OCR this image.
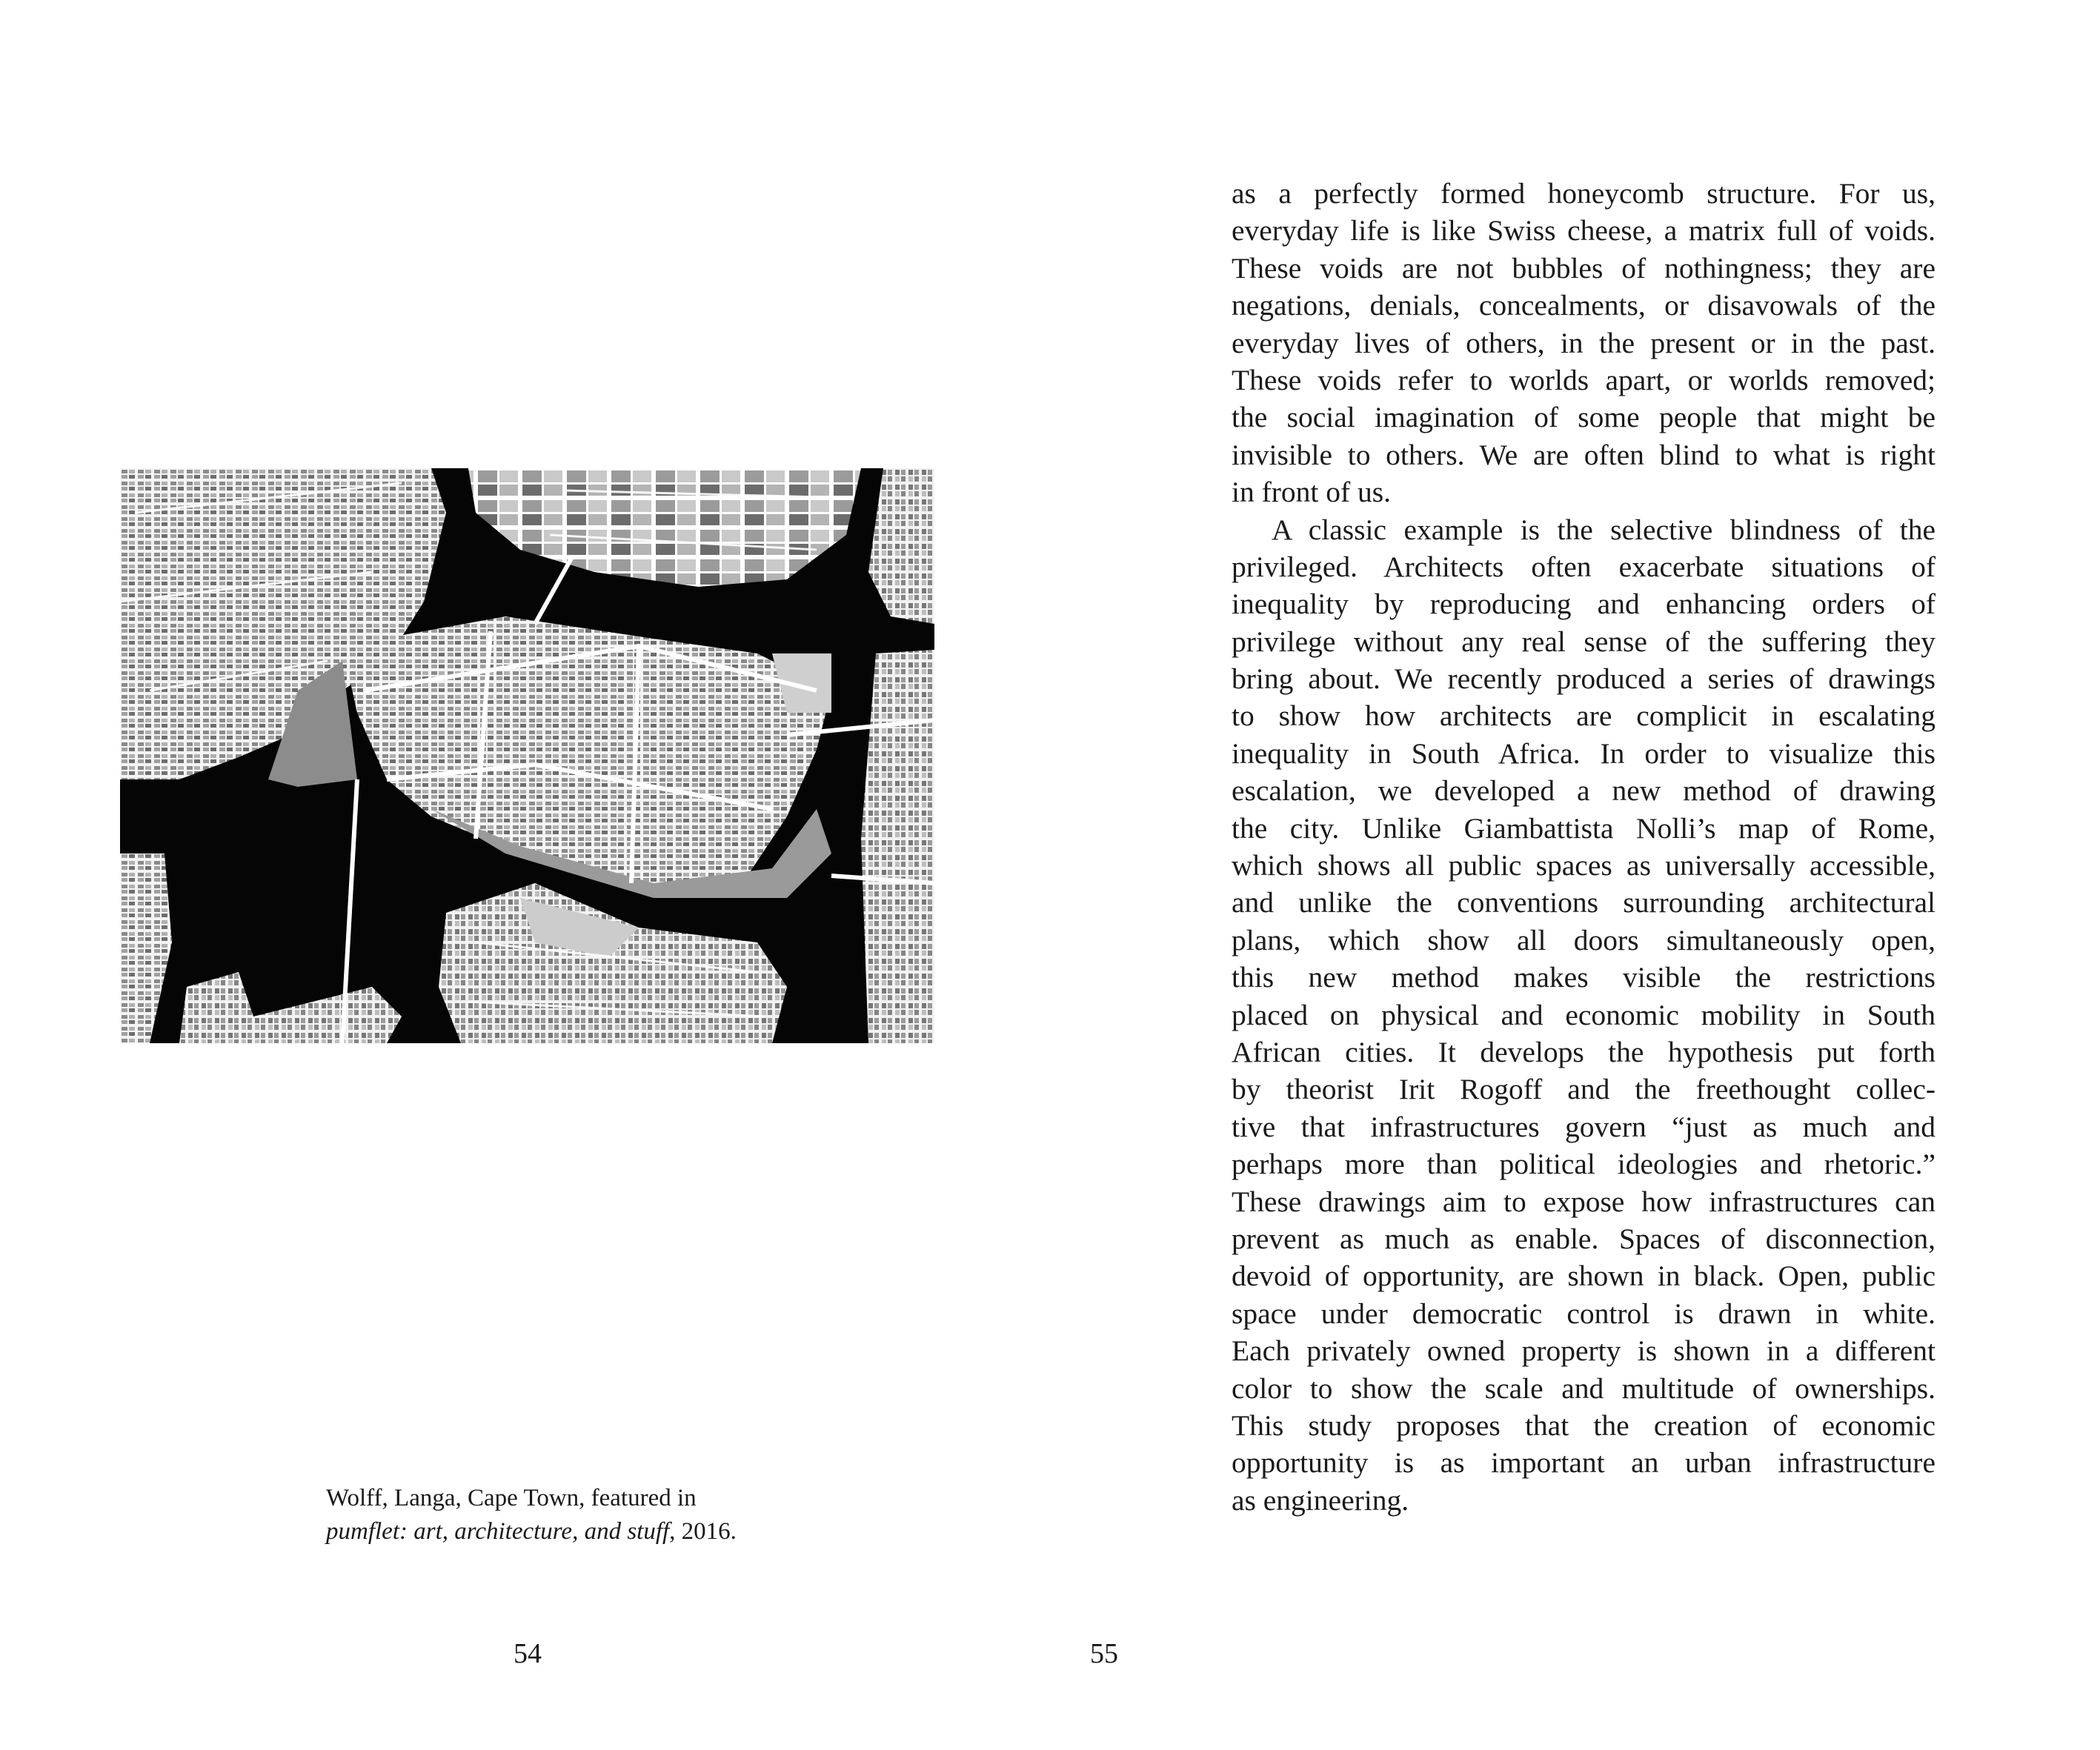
Wolff, Langa, Cape Town, featured in
pumflet: art, architecture, and stuff, 2016.
54
as a perfectly formed honeycomb structure. For us,
everyday life is like Swiss cheese, a matrix full of voids.
These voids are not bubbles of nothingness; they are
negations, denials, concealments, or disavowals of the
everyday lives of others, in the present or in the past.
These voids refer to worlds apart, or worlds removed;
the social imagination of some people that might be
invisible to others. We are often blind to what is right
in front of us.
A classic example is the selective blindness of the
privileged. Architects often exacerbate situations of
inequality by reproducing and enhancing orders of
privilege without any real sense of the suffering they
bring about. We recently produced a series of drawings
to show how architects are complicit in escalating
inequality in South Africa. In order to visualize this
escalation, we developed a new method of drawing
the city. Unlike Giambattista Nolli’s map of Rome,
which shows all public spaces as universally accessible,
and unlike the conventions surrounding architectural
plans, which show all doors simultaneously open,
this new method makes visible the restrictions
placed on physical and economic mobility in South
African cities. It develops the hypothesis put forth
by theorist Irit Rogoff and the freethought collec-
tive that infrastructures govern “just as much and
perhaps more than political ideologies and rhetoric.”
These drawings aim to expose how infrastructures can
prevent as much as enable. Spaces of disconnection,
devoid of opportunity, are shown in black. Open, public
space under democratic control is drawn in white.
Each privately owned property is shown in a different
color to show the scale and multitude of ownerships.
This study proposes that the creation of economic
opportunity is as important an urban infrastructure
as engineering.
55
